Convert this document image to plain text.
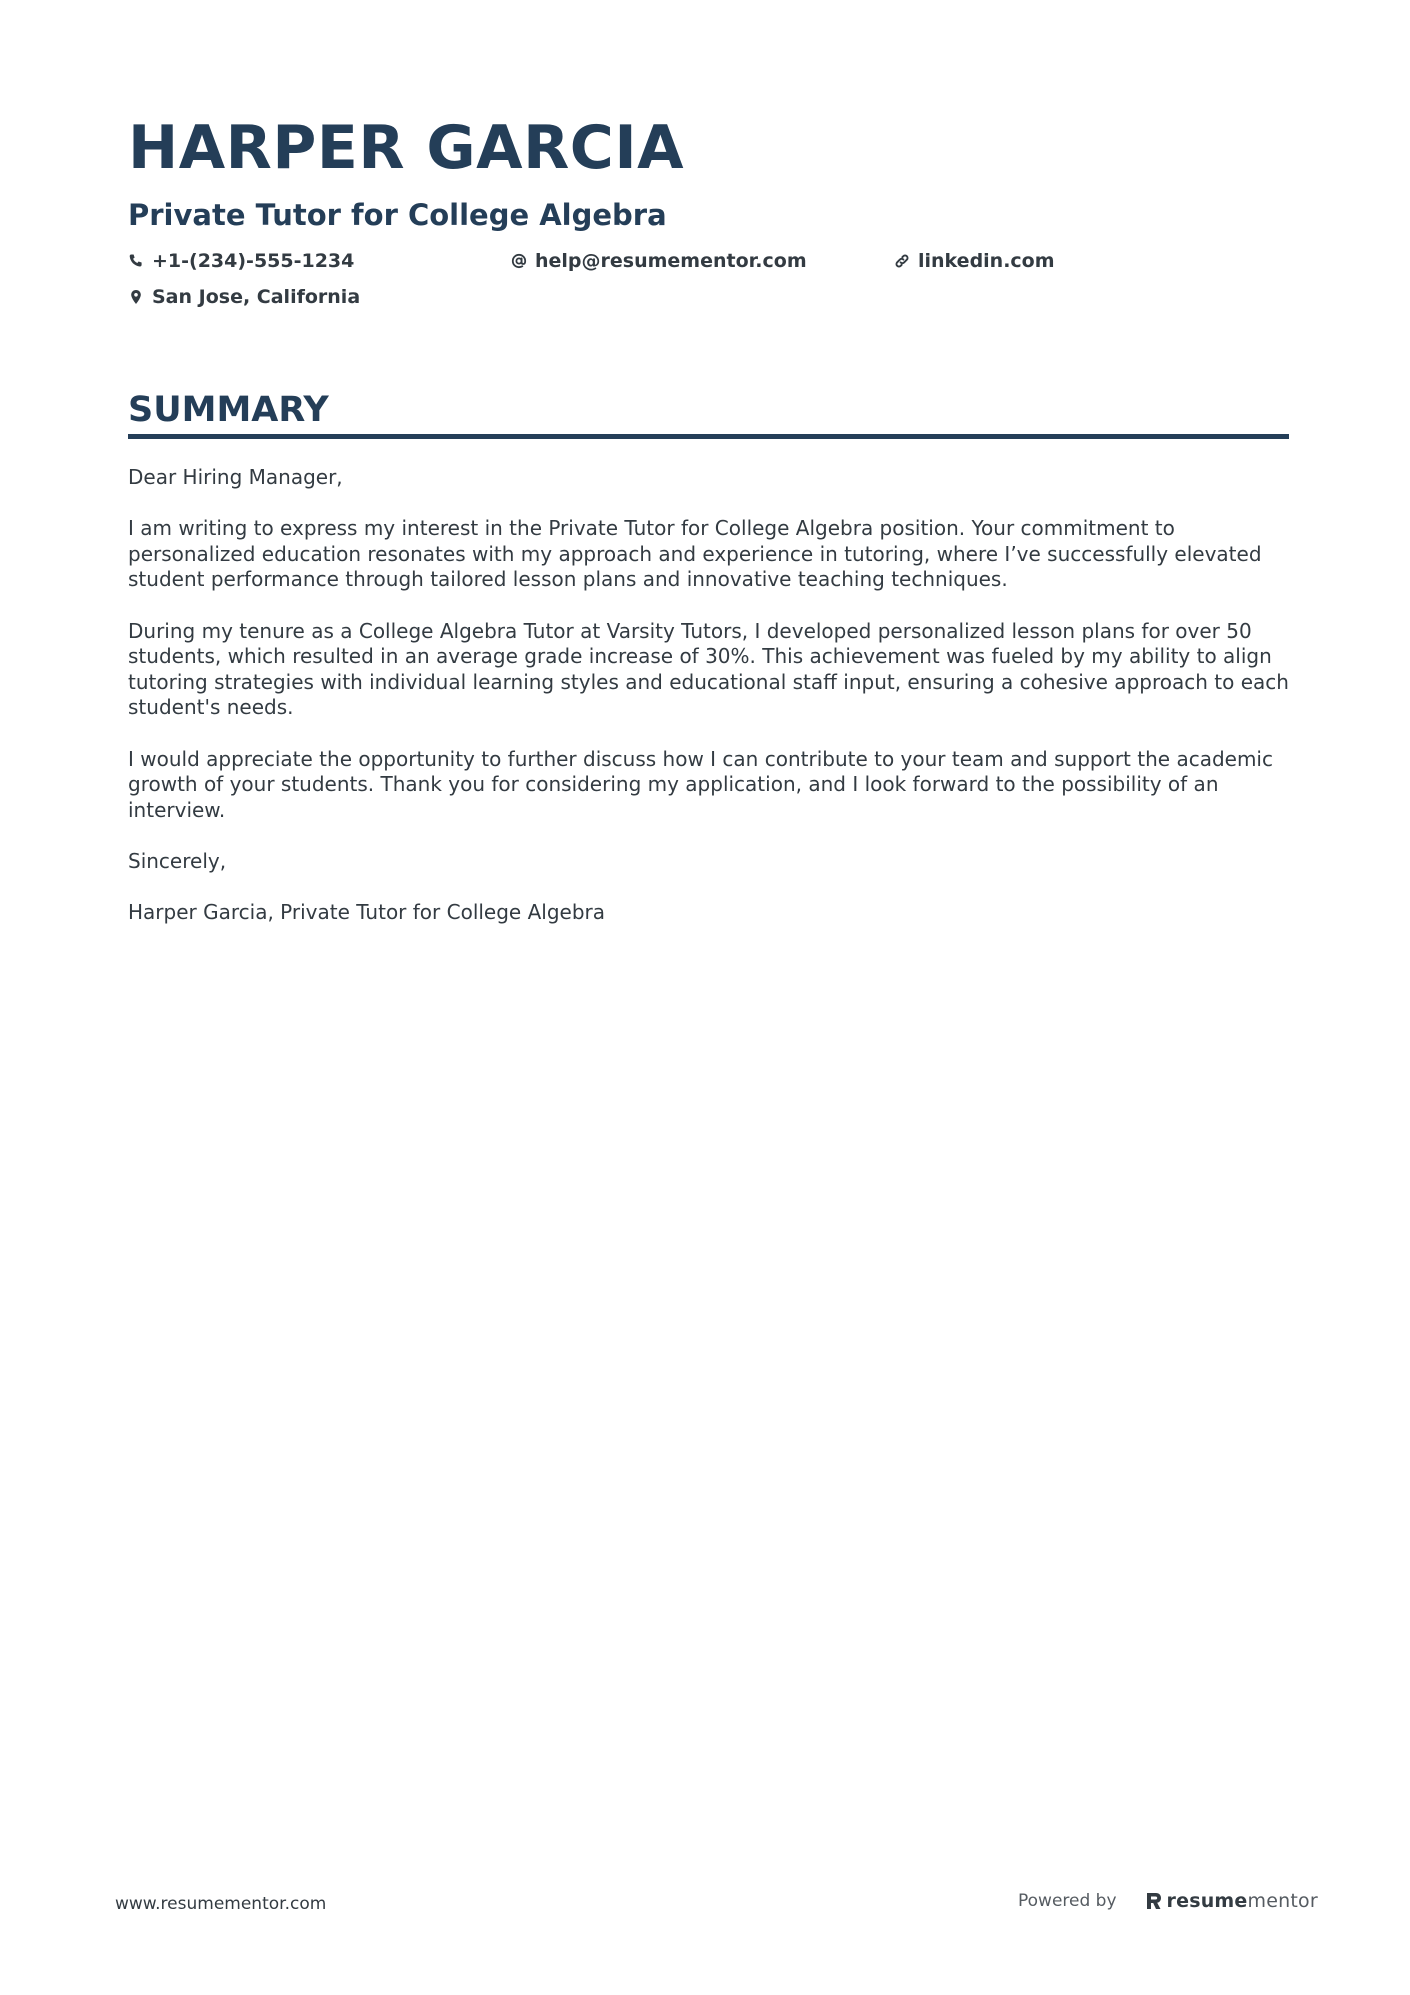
HARPER GARCIA
Private Tutor for College Algebra
+1-(234)-555-1234	help@resumementor.com	linkedin.com
San Jose, California
SUMMARY

Dear Hiring Manager,

I am writing to express my interest in the Private Tutor for College Algebra position. Your commitment to personalized education resonates with my approach and experience in tutoring, where I’ve successfully elevated student performance through tailored lesson plans and innovative teaching techniques.

During my tenure as a College Algebra Tutor at Varsity Tutors, I developed personalized lesson plans for over 50 students, which resulted in an average grade increase of 30%. This achievement was fueled by my ability to align tutoring strategies with individual learning styles and educational staff input, ensuring a cohesive approach to each student's needs.

I would appreciate the opportunity to further discuss how I can contribute to your team and support the academic growth of your students. Thank you for considering my application, and I look forward to the possibility of an interview.

Sincerely,

Harper Garcia, Private Tutor for College Algebra

www.resumementor.com	Powered by	resumementor
